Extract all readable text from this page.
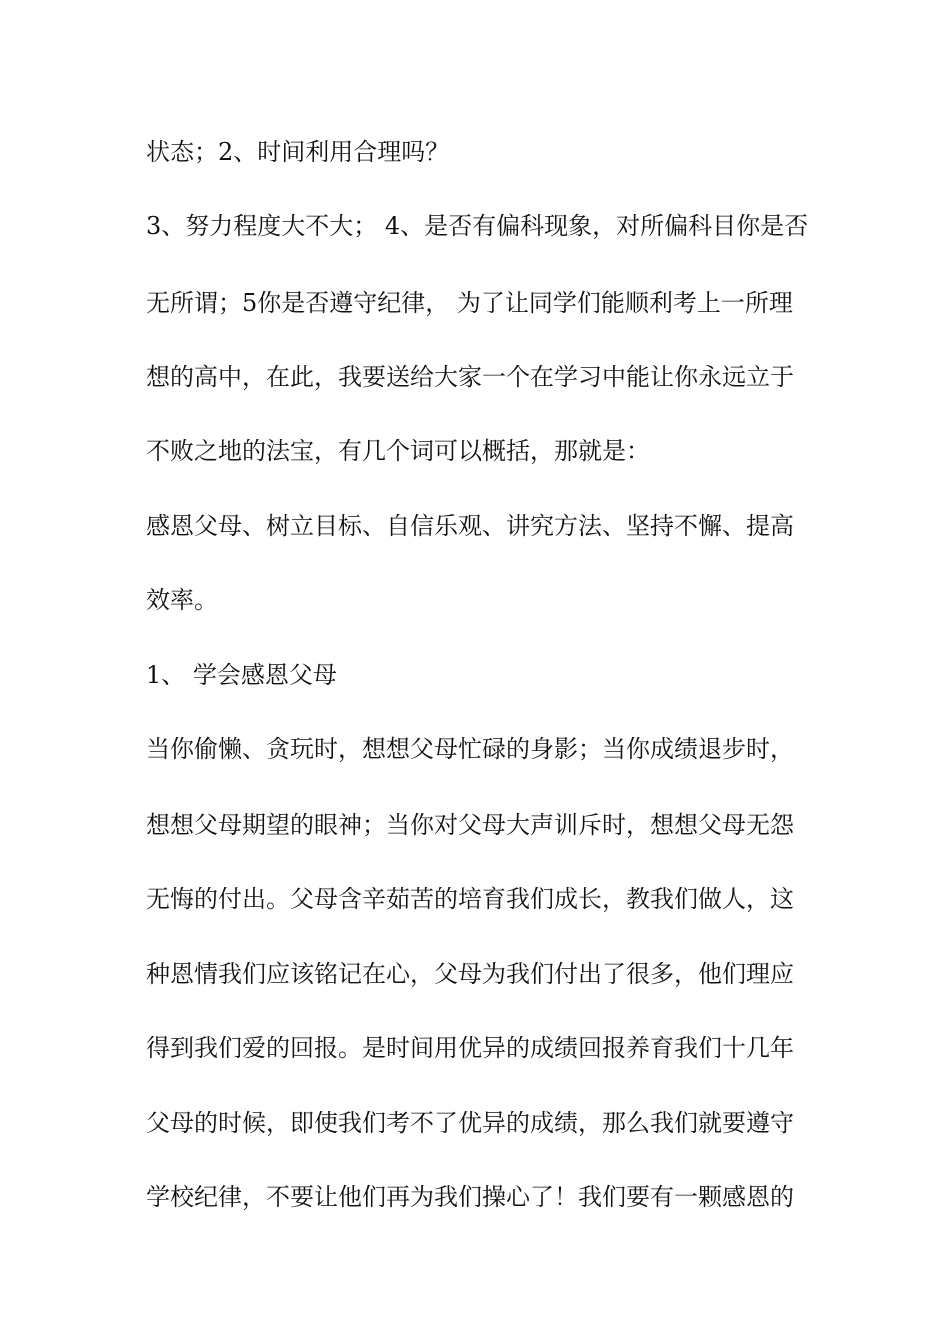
状态；2、时间利用合理吗？

3、努力程度大不大； 4、是否有偏科现象，对所偏科目你是否

无所谓；5你是否遵守纪律， 为了让同学们能顺利考上一所理

想的高中，在此，我要送给大家一个在学习中能让你永远立于

不败之地的法宝，有几个词可以概括，那就是：

感恩父母、树立目标、自信乐观、讲究方法、坚持不懈、提高

效率。

1、 学会感恩父母

当你偷懒、贪玩时，想想父母忙碌的身影；当你成绩退步时，

想想父母期望的眼神；当你对父母大声训斥时，想想父母无怨

无悔的付出。父母含辛茹苦的培育我们成长，教我们做人，这

种恩情我们应该铭记在心，父母为我们付出了很多，他们理应

得到我们爱的回报。是时间用优异的成绩回报养育我们十几年

父母的时候，即使我们考不了优异的成绩，那么我们就要遵守

学校纪律，不要让他们再为我们操心了！我们要有一颗感恩的
